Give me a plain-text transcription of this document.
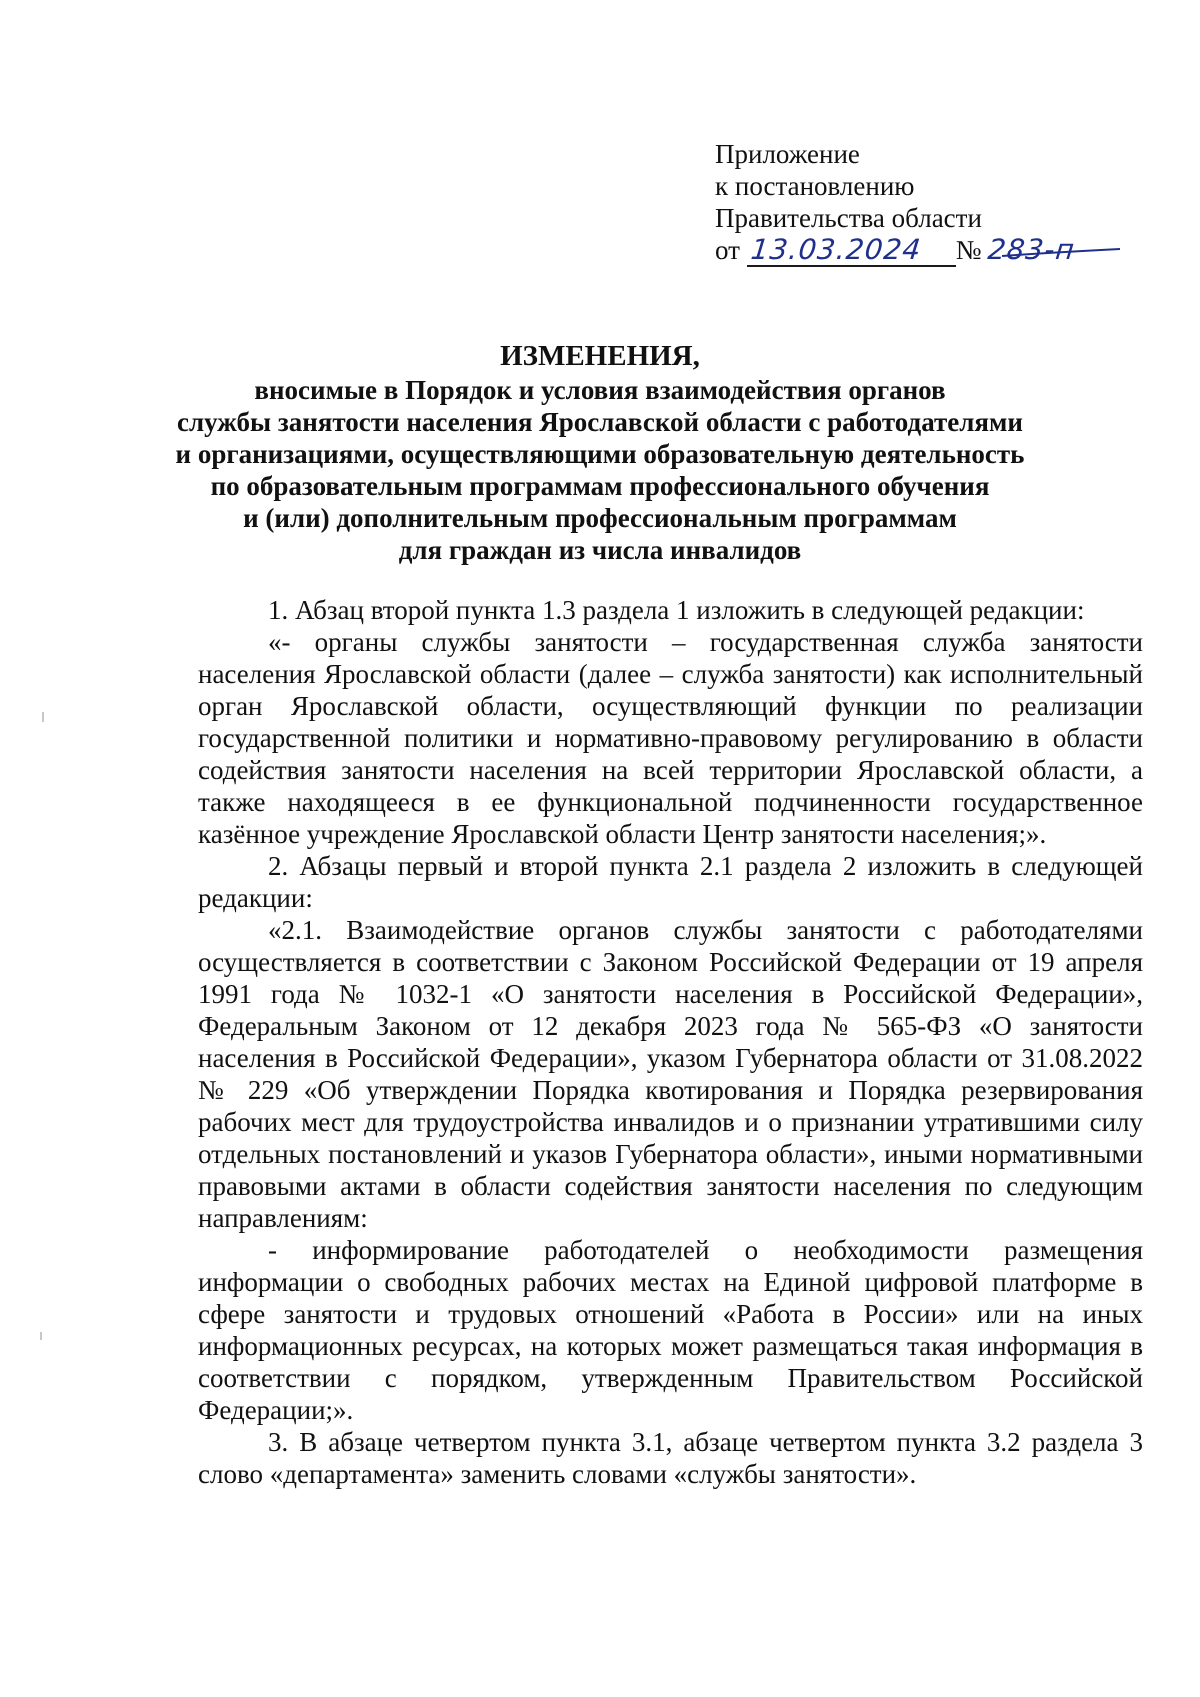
Приложение
к постановлению
Правительства области
от 13.03.2024 № 283-п
ИЗМЕНЕНИЯ,
вносимые в Порядок и условия взаимодействия органов
службы занятости населения Ярославской области с работодателями
и организациями, осуществляющими образовательную деятельность
по образовательным программам профессионального обучения
и (или) дополнительным профессиональным программам
для граждан из числа инвалидов

1. Абзац второй пункта 1.3 раздела 1 изложить в следующей редакции:

«- органы службы занятости – государственная служба занятости населения Ярославской области (далее – служба занятости) как исполнительный орган Ярославской области, осуществляющий функции по реализации государственной политики и нормативно-правовому регулированию в области содействия занятости населения на всей территории Ярославской области, а также находящееся в ее функциональной подчиненности государственное казённое учреждение Ярославской области Центр занятости населения;».

2. Абзацы первый и второй пункта 2.1 раздела 2 изложить в следующей редакции:

«2.1. Взаимодействие органов службы занятости с работодателями осуществляется в соответствии с Законом Российской Федерации от 19 апреля 1991 года № 1032-1 «О занятости населения в Российской Федерации», Федеральным Законом от 12 декабря 2023 года № 565-ФЗ «О занятости населения в Российской Федерации», указом Губернатора области от 31.08.2022 № 229 «Об утверждении Порядка квотирования и Порядка резервирования рабочих мест для трудоустройства инвалидов и о признании утратившими силу отдельных постановлений и указов Губернатора области», иными нормативными правовыми актами в области содействия занятости населения по следующим направлениям:

- информирование работодателей о необходимости размещения информации о свободных рабочих местах на Единой цифровой платформе в сфере занятости и трудовых отношений «Работа в России» или на иных информационных ресурсах, на которых может размещаться такая информация в соответствии с порядком, утвержденным Правительством Российской Федерации;».

3. В абзаце четвертом пункта 3.1, абзаце четвертом пункта 3.2 раздела 3 слово «департамента» заменить словами «службы занятости».
